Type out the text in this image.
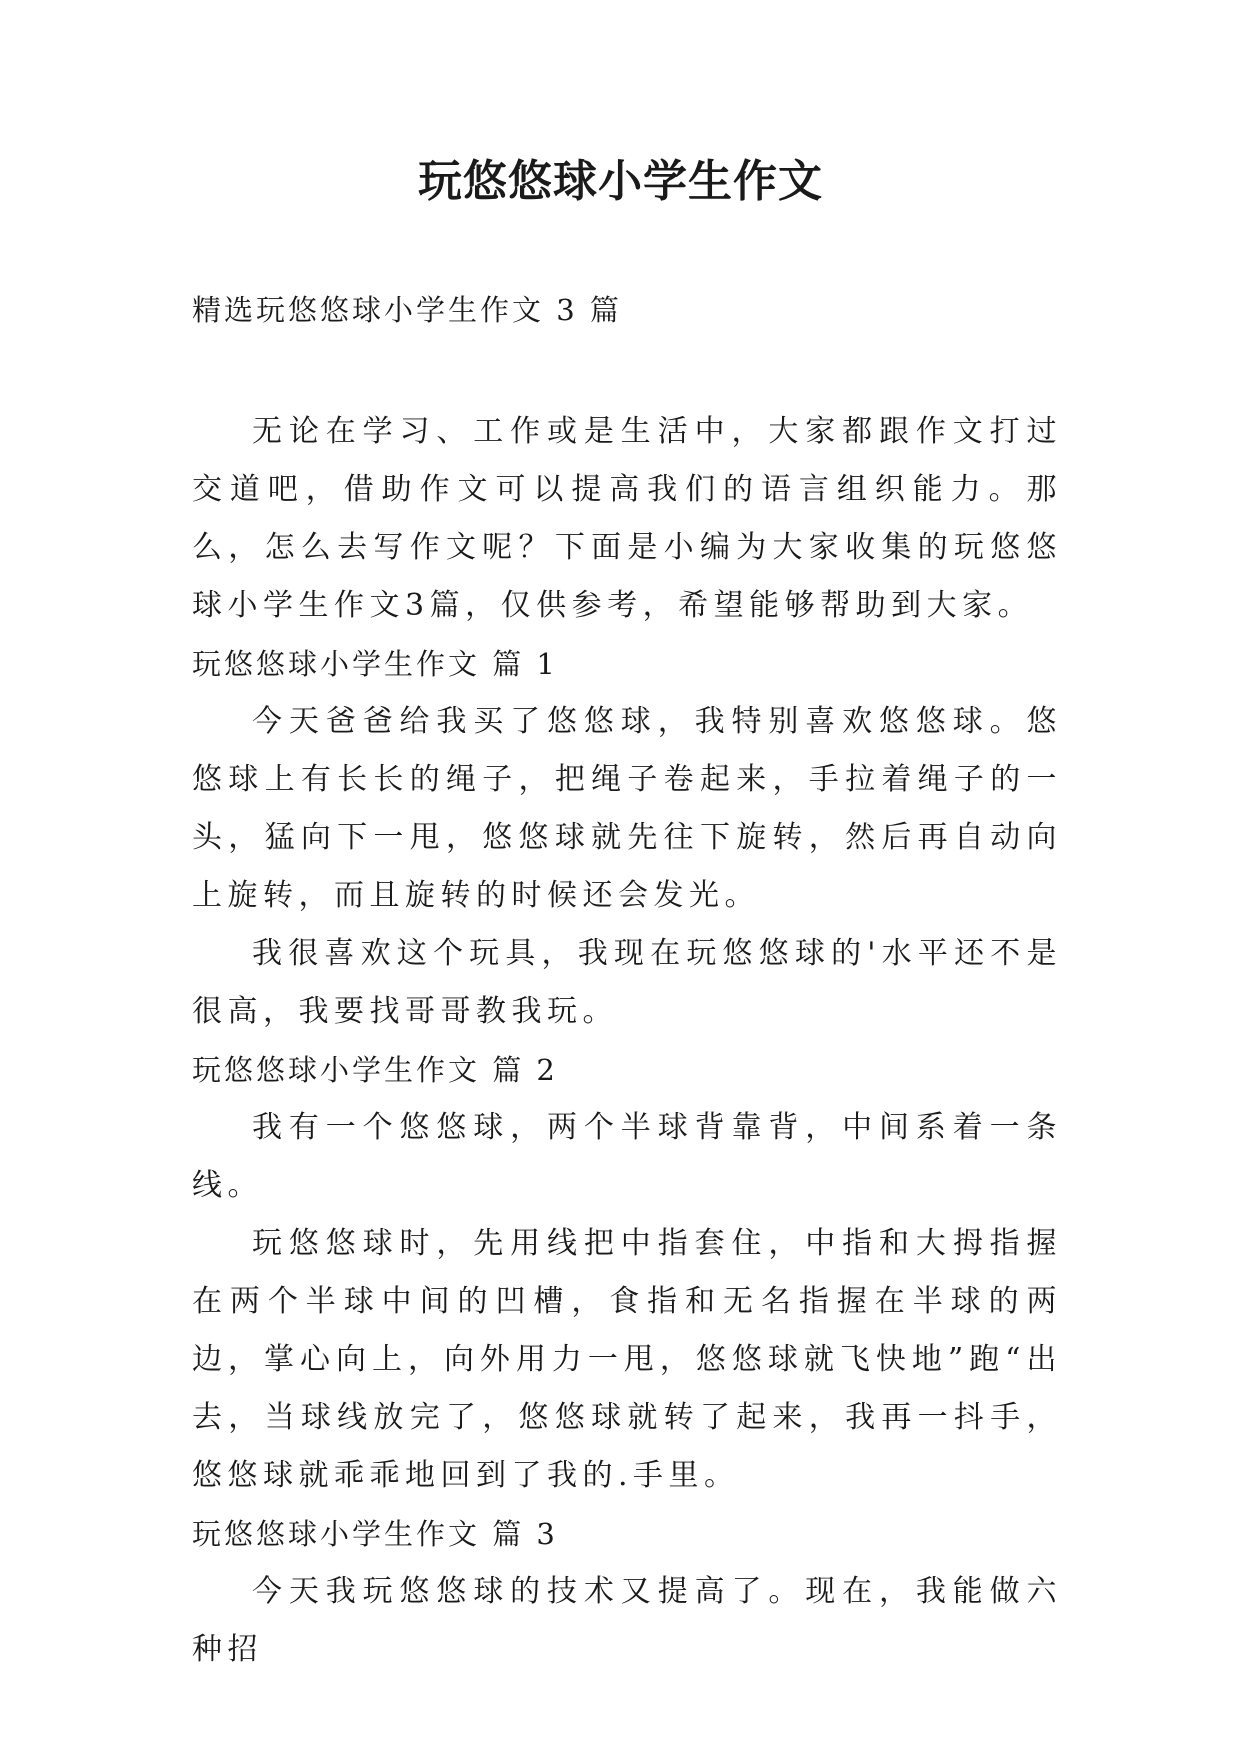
玩悠悠球小学生作文
精选玩悠悠球小学生作文 3 篇

无论在学习、工作或是生活中，大家都跟作文打过交道吧，借助作文可以提高我们的语言组织能力。那么，怎么去写作文呢？下面是小编为大家收集的玩悠悠球小学生作文3篇，仅供参考，希望能够帮助到大家。

玩悠悠球小学生作文 篇 1

今天爸爸给我买了悠悠球，我特别喜欢悠悠球。悠悠球上有长长的绳子，把绳子卷起来，手拉着绳子的一头，猛向下一甩，悠悠球就先往下旋转，然后再自动向上旋转，而且旋转的时候还会发光。

我很喜欢这个玩具，我现在玩悠悠球的'水平还不是很高，我要找哥哥教我玩。

玩悠悠球小学生作文 篇 2

我有一个悠悠球，两个半球背靠背，中间系着一条线。

玩悠悠球时，先用线把中指套住，中指和大拇指握在两个半球中间的凹槽，食指和无名指握在半球的两边，掌心向上，向外用力一甩，悠悠球就飞快地”跑“出去，当球线放完了，悠悠球就转了起来，我再一抖手，悠悠球就乖乖地回到了我的.手里。

玩悠悠球小学生作文 篇 3

今天我玩悠悠球的技术又提高了。现在，我能做六种招
